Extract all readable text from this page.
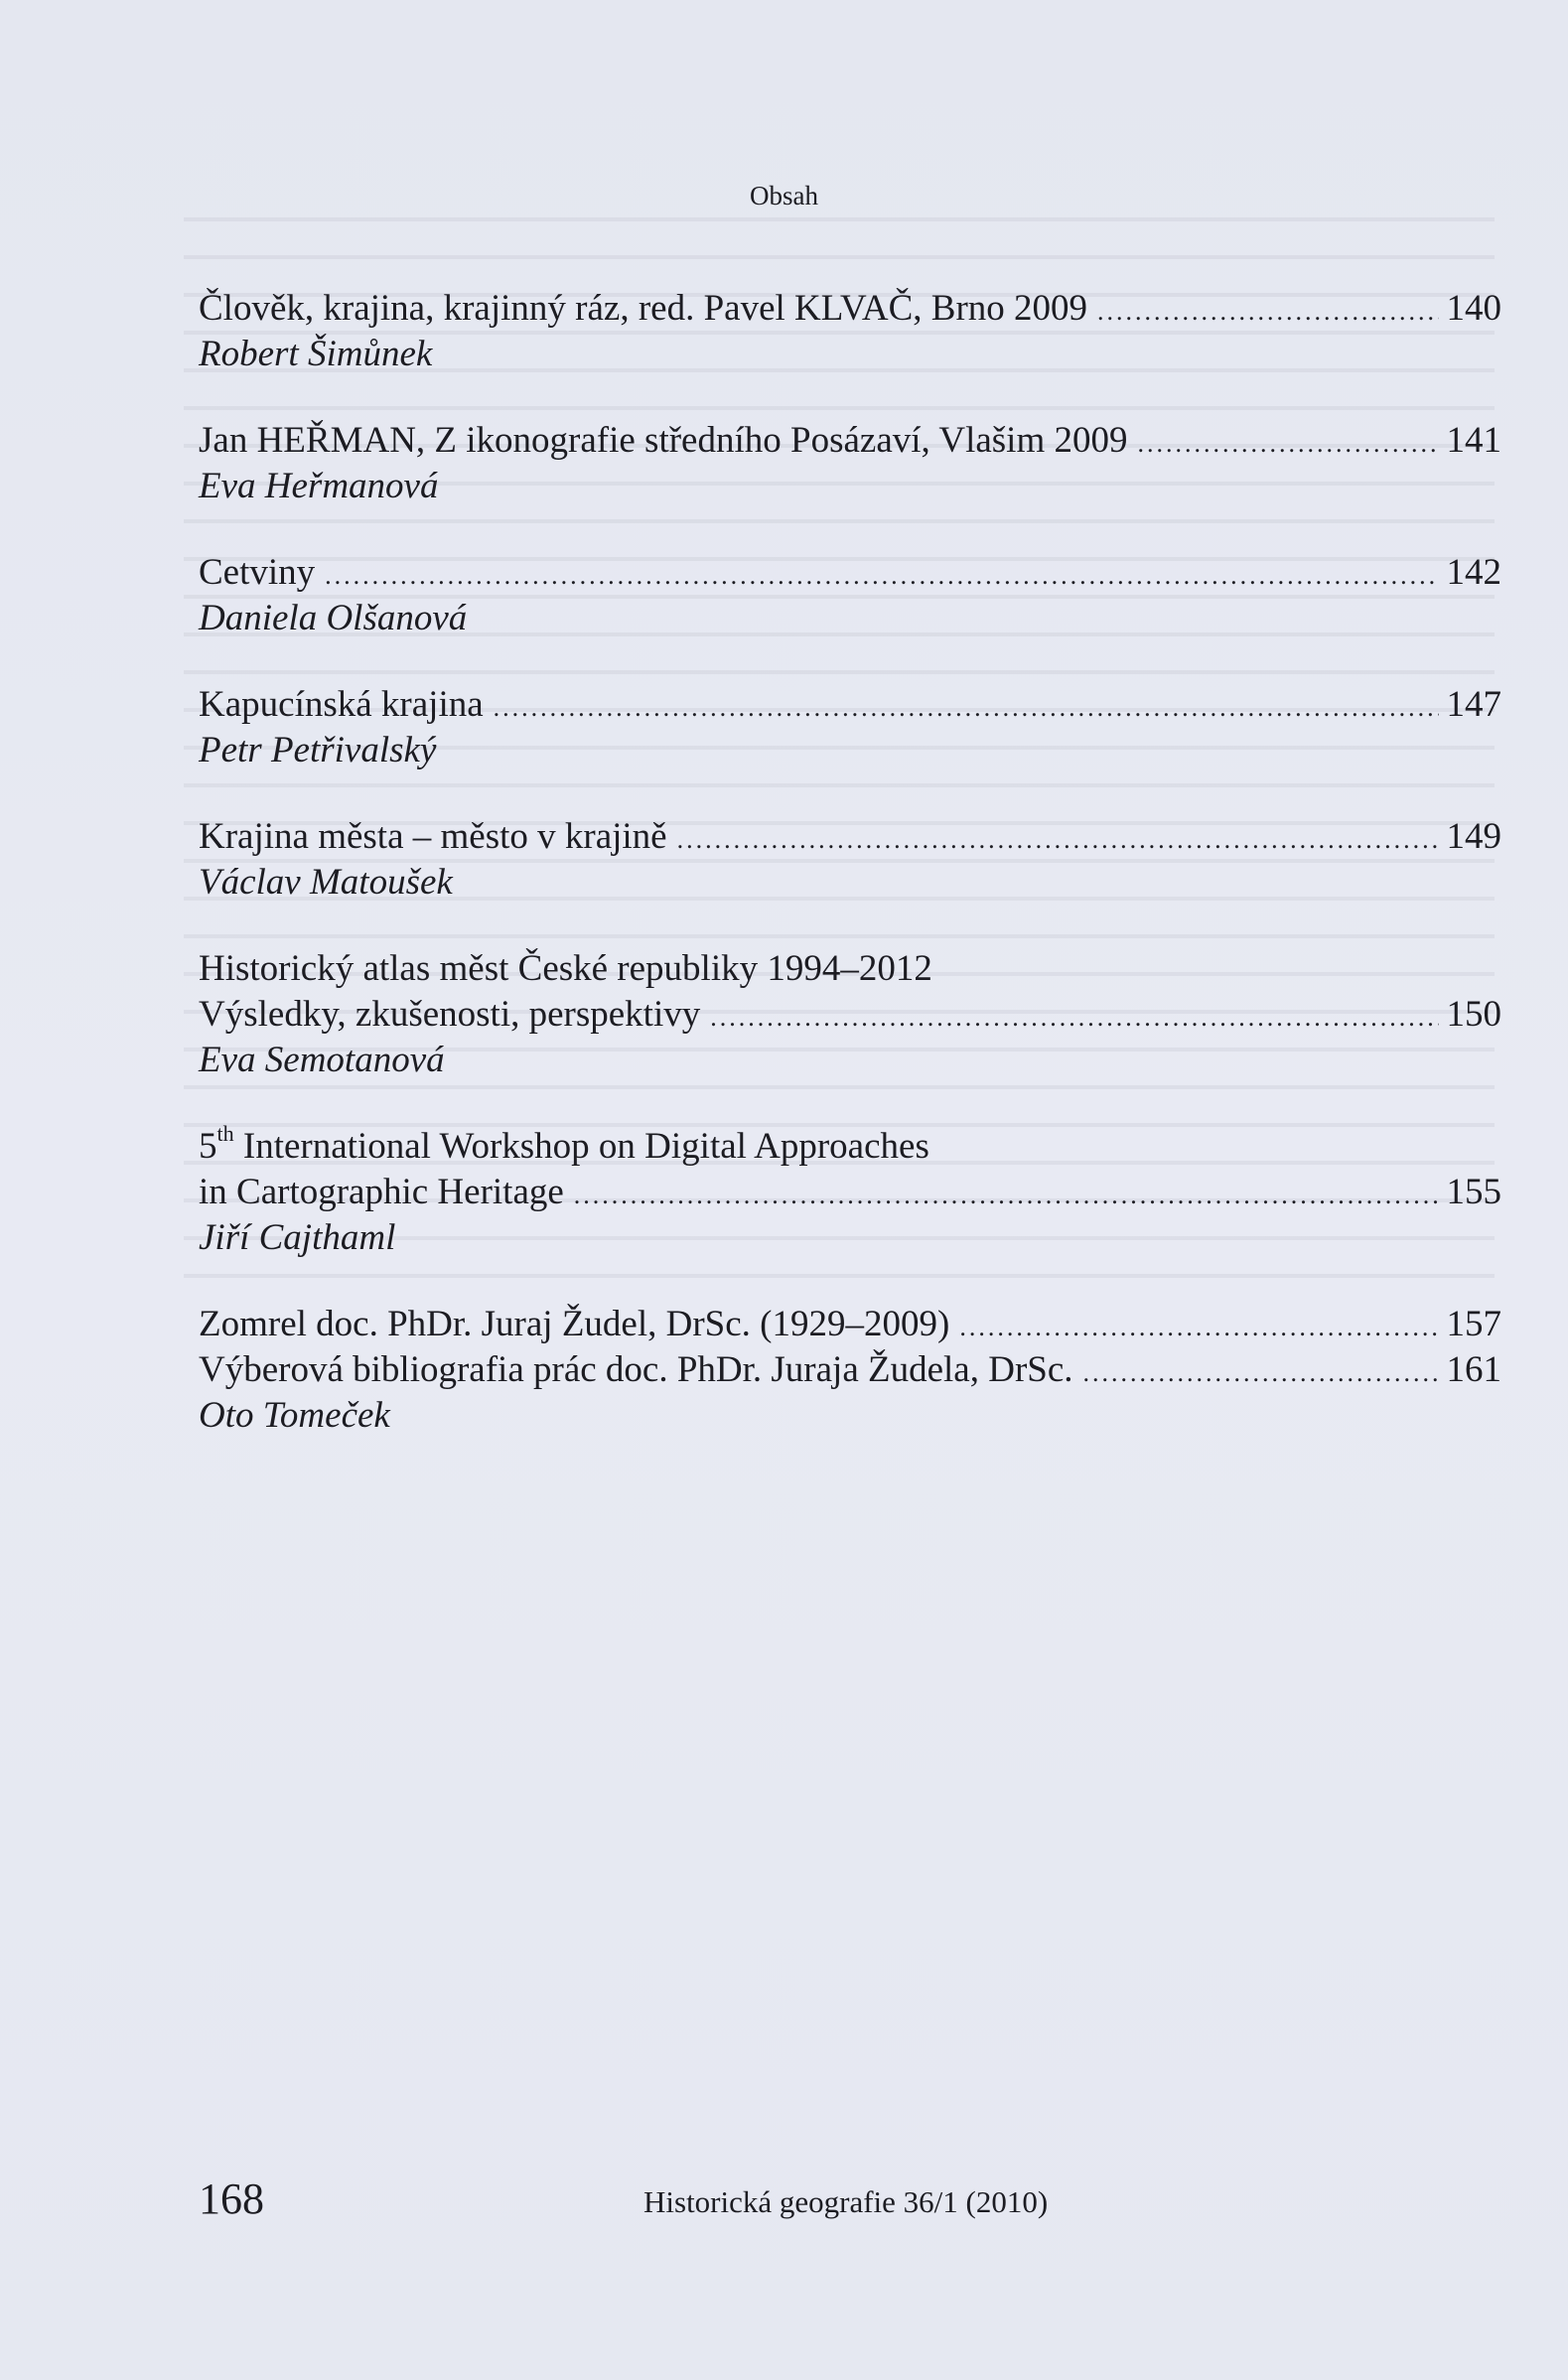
Obsah
Člověk, krajina, krajinný ráz, red. Pavel KLVAČ, Brno 2009 .....	140
Robert Šimůnek
Jan HEŘMAN, Z ikonografie středního Posázaví, Vlašim 2009 .....	141
Eva Heřmanová
Cetviny .....	142
Daniela Olšanová
Kapucínská krajina .....	147
Petr Petřivalský
Krajina města – město v krajině .....	149
Václav Matoušek
Historický atlas měst České republiky 1994–2012
Výsledky, zkušenosti, perspektivy .....	150
Eva Semotanová
5th International Workshop on Digital Approaches
in Cartographic Heritage .....	155
Jiří Cajthaml
Zomrel doc. PhDr. Juraj Žudel, DrSc. (1929–2009) .....	157
Výberová bibliografia prác doc. PhDr. Juraja Žudela, DrSc. .....	161
Oto Tomeček
168	Historická geografie 36/1 (2010)
